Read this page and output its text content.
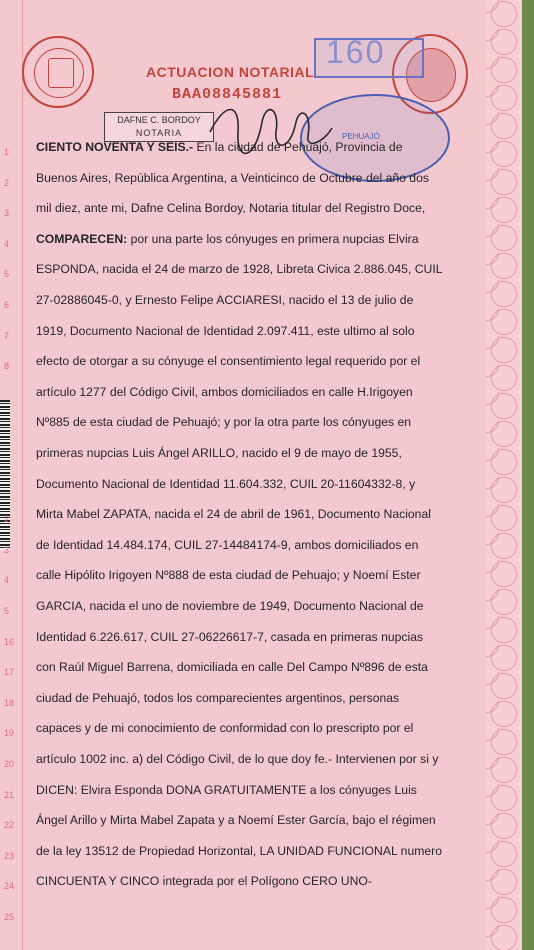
160
ACTUACION NOTARIAL
BAA08845881
DAFNE C. BORDOY
NOTARIA	PEHUAJÓ
1 CIENTO NOVENTA Y SEIS.- En la ciudad de Pehuajó, Provincia de
2 Buenos Aires, República Argentina, a Veinticinco de Octubre del año dos
3 mil diez, ante mi, Dafne Celina Bordoy, Notaria titular del Registro Doce,
4 COMPARECEN: por una parte los cónyuges en primera nupcias Elvira
5 ESPONDA, nacida el 24 de marzo de 1928, Libreta Civica 2.886.045, CUIL
6 27-02886045-0, y Ernesto Felipe ACCIARESI, nacido el 13 de julio de
7 1919, Documento Nacional de Identidad 2.097.411, este ultimo al solo
8 efecto de otorgar a su cónyuge el consentimiento legal requerido por el
artículo 1277 del Código Civil, ambos domiciliados en calle H.Irigoyen
Nº885 de esta ciudad de Pehuajó; y por la otra parte los cónyuges en
primeras nupcias Luis Ángel ARILLO, nacido el 9 de mayo de 1955,
Documento Nacional de Identidad 11.604.332, CUIL 20-11604332-8, y
2 Mirta Mabel ZAPATA, nacida el 24 de abril de 1961, Documento Nacional
3 de Identidad 14.484.174, CUIL 27-14484174-9, ambos domiciliados en
4 calle Hipólito Irigoyen Nº888 de esta ciudad de Pehuajo; y Noemí Ester
5 GARCIA, nacida el uno de noviembre de 1949, Documento Nacional de
16 Identidad 6.226.617, CUIL 27-06226617-7, casada en primeras nupcias
17 con Raúl Miguel Barrena, domiciliada en calle Del Campo Nº896 de esta
18 ciudad de Pehuajó, todos los comparecientes argentinos, personas
19 capaces y de mi conocimiento de conformidad con lo prescripto por el
20 artículo 1002 inc. a) del Código Civil, de lo que doy fe.- Intervienen por si y
21 DICEN: Elvira Esponda DONA GRATUITAMENTE a los cónyuges Luis
22 Ángel Arillo y Mirta Mabel Zapata y a Noemí Ester García, bajo el régimen
23 de la ley 13512 de Propiedad Horizontal, LA UNIDAD FUNCIONAL numero
24 CINCUENTA Y CINCO integrada por el Polígono CERO UNO-
25
